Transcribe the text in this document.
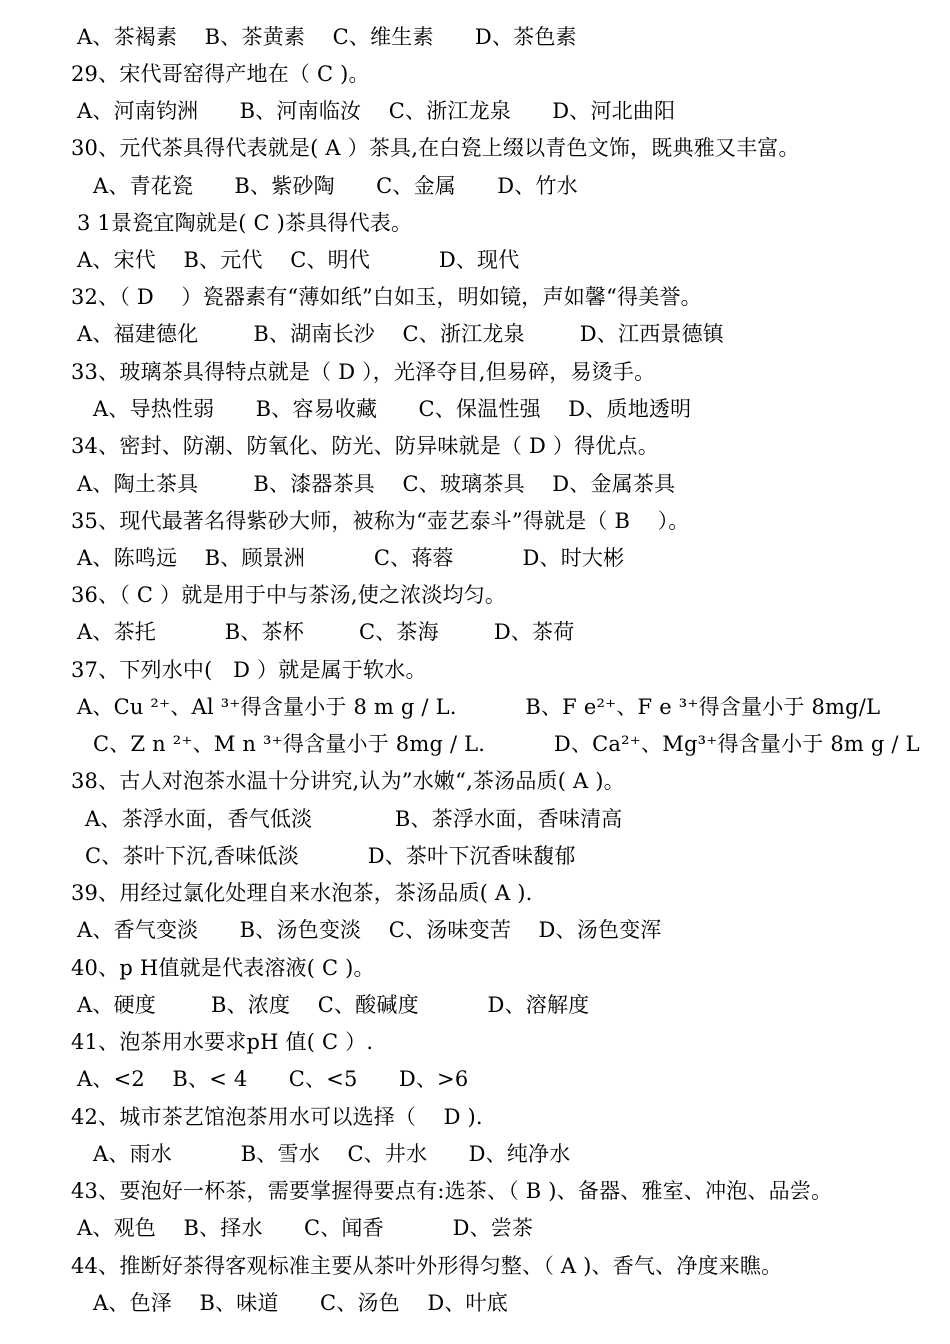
A、茶褐素    B、茶黄素    C、维生素      D、茶色素
29、宋代哥窑得产地在（ C )。
A、河南钧洲      B、河南临汝    C、浙江龙泉      D、河北曲阳
30、元代茶具得代表就是( A ）茶具,在白瓷上缀以青色文饰，既典雅又丰富。
A、青花瓷      B、紫砂陶      C、金属      D、竹水
3 1景瓷宜陶就是( C )茶具得代表。
A、宋代    B、元代    C、明代          D、现代
32、（ D    ）瓷器素有“薄如纸”白如玉，明如镜，声如馨“得美誉。
A、福建德化        B、湖南长沙    C、浙江龙泉        D、江西景德镇
33、玻璃茶具得特点就是（ D ），光泽夺目,但易碎，易烫手。
A、导热性弱      B、容易收藏      C、保温性强    D、质地透明
34、密封、防潮、防氧化、防光、防异味就是（ D ）得优点。
A、陶土茶具        B、漆器茶具    C、玻璃茶具    D、金属茶具
35、现代最著名得紫砂大师，被称为“壶艺泰斗”得就是（ B    ）。
A、陈鸣远    B、顾景洲          C、蒋蓉          D、时大彬
36、（ C ）就是用于中与茶汤,使之浓淡均匀。
A、茶托          B、茶杯        C、茶海        D、茶荷
37、下列水中(   D ）就是属于软水。
A、Cu ²⁺、Al ³⁺得含量小于 8 m g / L.          B、F e²⁺、F e ³⁺得含量小于 8mg/L
C、Z n ²⁺、M n ³⁺得含量小于 8mg / L.          D、Ca²⁺、Mg³⁺得含量小于 8m g / L
38、古人对泡茶水温十分讲究,认为”水嫩“,茶汤品质( A )。
A、茶浮水面，香气低淡            B、茶浮水面，香味清高
C、茶叶下沉,香味低淡          D、茶叶下沉香味馥郁
39、用经过氯化处理自来水泡茶，茶汤品质( A ).
A、香气变淡      B、汤色变淡    C、汤味变苦    D、汤色变浑
40、p H值就是代表溶液( C )。
A、硬度        B、浓度    C、酸碱度          D、溶解度
41、泡茶用水要求pH 值( C ）.
A、<2    B、< 4      C、<5      D、>6
42、城市茶艺馆泡茶用水可以选择（    D ).
A、雨水          B、雪水    C、井水      D、纯净水
43、要泡好一杯茶，需要掌握得要点有:选茶、（ B )、备器、雅室、冲泡、品尝。
A、观色    B、择水      C、闻香          D、尝茶
44、推断好茶得客观标准主要从茶叶外形得匀整、（ A )、香气、净度来瞧。
A、色泽    B、味道      C、汤色    D、叶底
